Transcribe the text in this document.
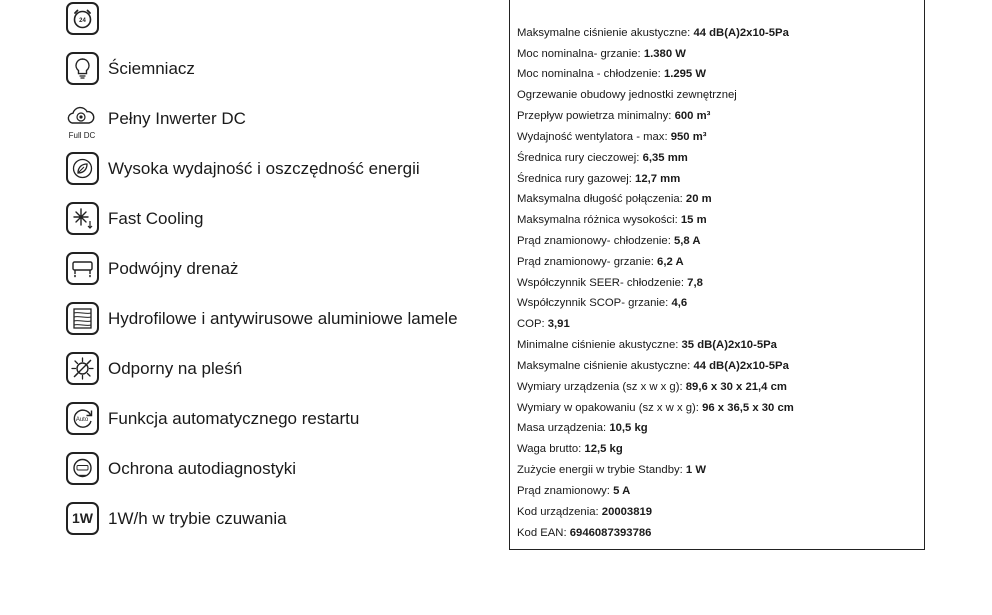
24
Ściemniacz
Full DC
Pełny Inwerter DC
Wysoka wydajność i oszczędność energii
Fast Cooling
Podwójny drenaż
Hydrofilowe i antywirusowe aluminiowe lamele
Odporny na pleśń
Auto Funkcja automatycznego restartu
Ochrona autodiagnostyki
1W 1W/h w trybie czuwania
Maksymalne ciśnienie akustyczne: 44 dB(A)2x10-5Pa
Moc nominalna- grzanie: 1.380 W
Moc nominalna - chłodzenie: 1.295 W
Ogrzewanie obudowy jednostki zewnętrznej
Przepływ powietrza minimalny: 600 m³
Wydajność wentylatora - max: 950 m³
Średnica rury cieczowej: 6,35 mm
Średnica rury gazowej: 12,7 mm
Maksymalna długość połączenia: 20 m
Maksymalna różnica wysokości: 15 m
Prąd znamionowy- chłodzenie: 5,8 A
Prąd znamionowy- grzanie: 6,2 A
Współczynnik SEER- chłodzenie: 7,8
Współczynnik SCOP- grzanie: 4,6
COP: 3,91
Minimalne ciśnienie akustyczne: 35 dB(A)2x10-5Pa
Maksymalne ciśnienie akustyczne: 44 dB(A)2x10-5Pa
Wymiary urządzenia (sz x w x g): 89,6 x 30 x 21,4 cm
Wymiary w opakowaniu (sz x w x g): 96 x 36,5 x 30 cm
Masa urządzenia: 10,5 kg
Waga brutto: 12,5 kg
Zużycie energii w trybie Standby: 1 W
Prąd znamionowy: 5 A
Kod urządzenia: 20003819
Kod EAN: 6946087393786
